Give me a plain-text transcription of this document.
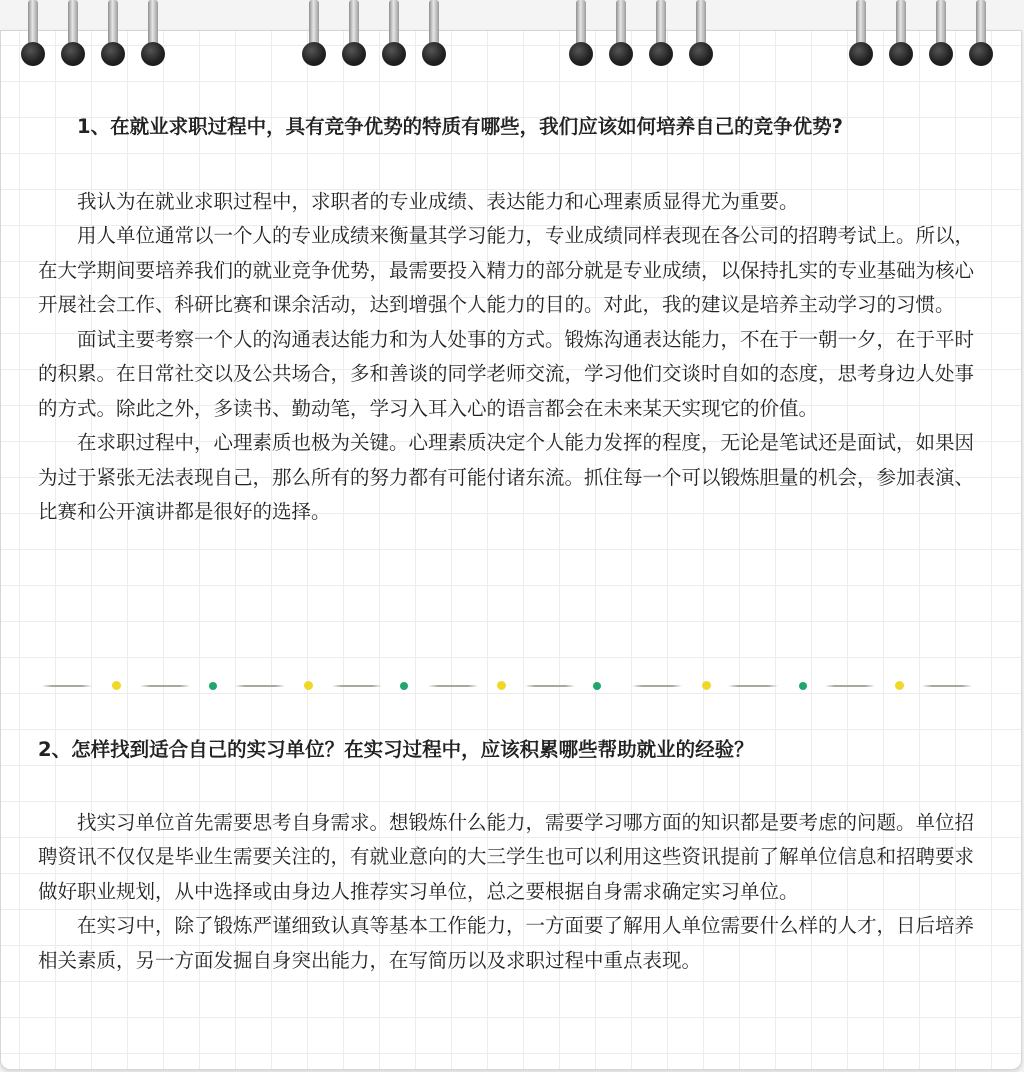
1、在就业求职过程中，具有竞争优势的特质有哪些，我们应该如何培养自己的竞争优势?

我认为在就业求职过程中，求职者的专业成绩、表达能力和心理素质显得尤为重要。

用人单位通常以一个人的专业成绩来衡量其学习能力，专业成绩同样表现在各公司的招聘考试上。所以，在大学期间要培养我们的就业竞争优势，最需要投入精力的部分就是专业成绩，以保持扎实的专业基础为核心开展社会工作、科研比赛和课余活动，达到增强个人能力的目的。对此，我的建议是培养主动学习的习惯。

面试主要考察一个人的沟通表达能力和为人处事的方式。锻炼沟通表达能力，不在于一朝一夕，在于平时的积累。在日常社交以及公共场合，多和善谈的同学老师交流，学习他们交谈时自如的态度，思考身边人处事的方式。除此之外，多读书、勤动笔，学习入耳入心的语言都会在未来某天实现它的价值。

在求职过程中，心理素质也极为关键。心理素质决定个人能力发挥的程度，无论是笔试还是面试，如果因为过于紧张无法表现自己，那么所有的努力都有可能付诸东流。抓住每一个可以锻炼胆量的机会，参加表演、比赛和公开演讲都是很好的选择。

2、怎样找到适合自己的实习单位？在实习过程中，应该积累哪些帮助就业的经验？

找实习单位首先需要思考自身需求。想锻炼什么能力，需要学习哪方面的知识都是要考虑的问题。单位招聘资讯不仅仅是毕业生需要关注的，有就业意向的大三学生也可以利用这些资讯提前了解单位信息和招聘要求做好职业规划，从中选择或由身边人推荐实习单位，总之要根据自身需求确定实习单位。

在实习中，除了锻炼严谨细致认真等基本工作能力，一方面要了解用人单位需要什么样的人才，日后培养相关素质，另一方面发掘自身突出能力，在写简历以及求职过程中重点表现。
